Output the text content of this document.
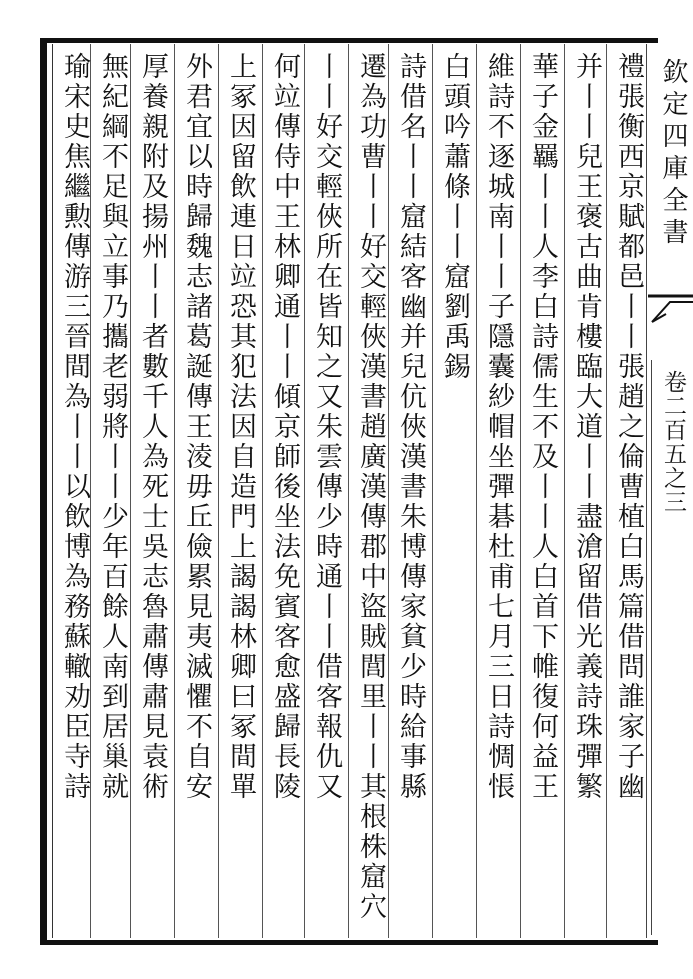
禮張衡西京賦都邑丨丨張趙之倫曹植白馬篇借問誰家子幽
并丨丨兒王褒古曲肯樓臨大道丨丨盡滄留借光義詩珠彈繁
華子金羈丨丨人李白詩儒生不及丨丨人白首下帷復何益王
維詩不逐城南丨丨子隱囊紗帽坐彈碁杜甫七月三日詩惆悵
白頭吟蕭條丨丨窟劉禹錫
詩借名丨丨窟結客幽并兒伉俠漢書朱博傳家貧少時給事縣
遷為功曹丨丨好交輕俠漢書趙廣漢傳郡中盜賊閭里丨丨其根株窟穴
丨丨好交輕俠所在皆知之又朱雲傳少時通丨丨借客報仇又
何竝傳侍中王林卿通丨丨傾京師後坐法免賓客愈盛歸長陵
上冢因留飲連日竝恐其犯法因自造門上謁謁林卿曰冢間單
外君宜以時歸魏志諸葛誕傳王淩毋丘儉累見夷滅懼不自安
厚養親附及揚州丨丨者數千人為死士吳志魯肅傳肅見袁術
無紀綱不足與立事乃攜老弱將丨丨少年百餘人南到居巢就
瑜宋史焦繼勲傳游三晉間為丨丨以飲博為務蘇轍劝臣寺詩	欽定四庫全書
卷二百五之三
